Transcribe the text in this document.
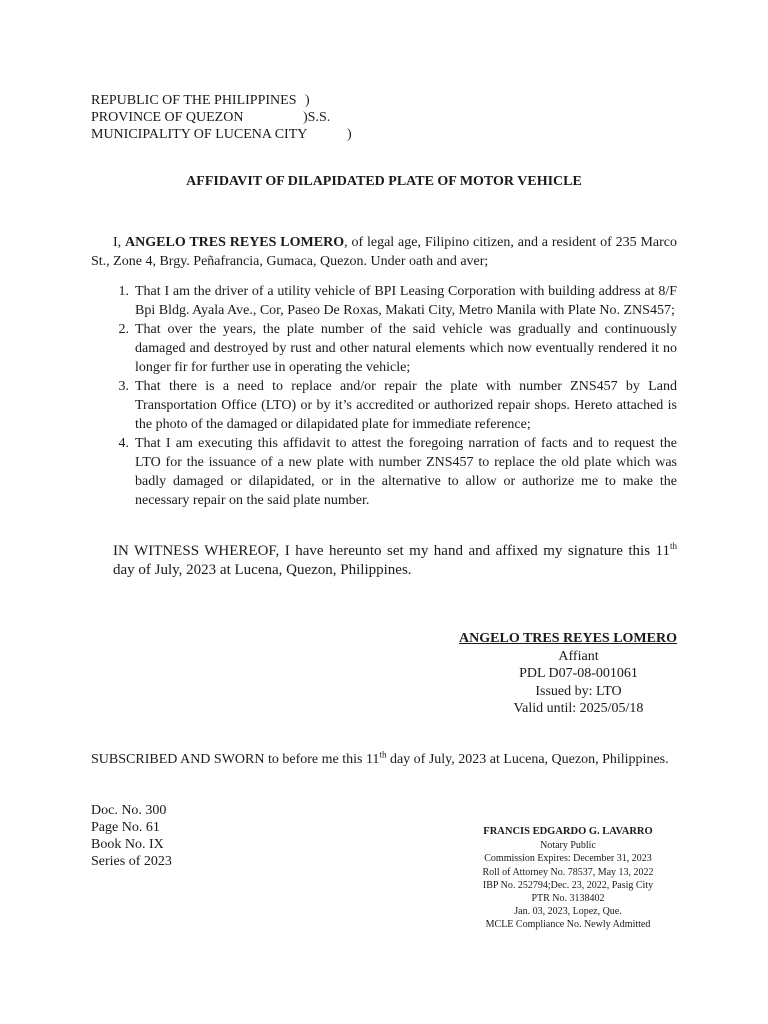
REPUBLIC OF THE PHILIPPINES )
PROVINCE OF QUEZON	)S.S.
MUNICIPALITY OF LUCENA CITY	)
AFFIDAVIT OF DILAPIDATED PLATE OF MOTOR VEHICLE
I, ANGELO TRES REYES LOMERO, of legal age, Filipino citizen, and a resident of 235 Marco St., Zone 4, Brgy. Peñafrancia, Gumaca, Quezon. Under oath and aver;
1. That I am the driver of a utility vehicle of BPI Leasing Corporation with building address at 8/F Bpi Bldg. Ayala Ave., Cor, Paseo De Roxas, Makati City, Metro Manila with Plate No. ZNS457;
2. That over the years, the plate number of the said vehicle was gradually and continuously damaged and destroyed by rust and other natural elements which now eventually rendered it no longer fir for further use in operating the vehicle;
3. That there is a need to replace and/or repair the plate with number ZNS457 by Land Transportation Office (LTO) or by it’s accredited or authorized repair shops. Hereto attached is the photo of the damaged or dilapidated plate for immediate reference;
4. That I am executing this affidavit to attest the foregoing narration of facts and to request the LTO for the issuance of a new plate with number ZNS457 to replace the old plate which was badly damaged or dilapidated, or in the alternative to allow or authorize me to make the necessary repair on the said plate number.
IN WITNESS WHEREOF, I have hereunto set my hand and affixed my signature this 11th day of July, 2023 at Lucena, Quezon, Philippines.
ANGELO TRES REYES LOMERO
Affiant
PDL D07-08-001061
Issued by: LTO
Valid until: 2025/05/18
SUBSCRIBED AND SWORN to before me this 11th day of July, 2023 at Lucena, Quezon, Philippines.
Doc. No. 300
Page No. 61
Book No. IX
Series of 2023
FRANCIS EDGARDO G. LAVARRO
Notary Public
Commission Expires: December 31, 2023
Roll of Attorney No. 78537, May 13, 2022
IBP No. 252794;Dec. 23, 2022, Pasig City
PTR No. 3138402
Jan. 03, 2023, Lopez, Que.
MCLE Compliance No. Newly Admitted
